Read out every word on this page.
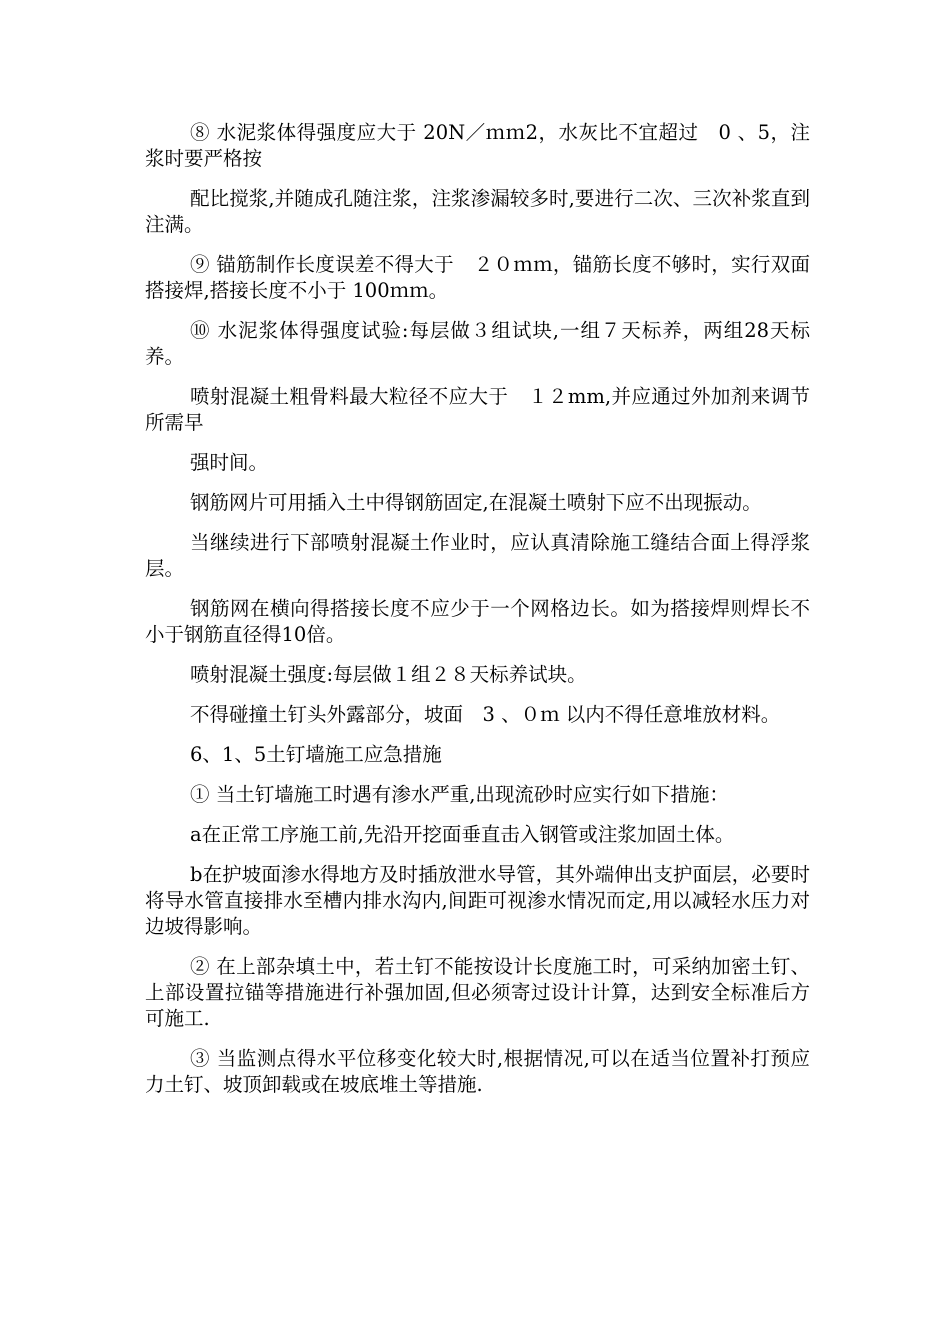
⑧ 水泥浆体得强度应大于 20N／ｍｍ2，水灰比不宜超过　0 、5，注浆时要严格按

配比搅浆,并随成孔随注浆，注浆渗漏较多时,要进行二次、三次补浆直到注满。

⑨ 锚筋制作长度误差不得大于　２０ｍｍ，锚筋长度不够时，实行双面搭接焊,搭接长度不小于 100ｍｍ。

⑩ 水泥浆体得强度试验:每层做３组试块,一组７天标养，两组28天标养。

喷射混凝土粗骨料最大粒径不应大于　１２mm,并应通过外加剂来调节所需早

强时间。

钢筋网片可用插入土中得钢筋固定,在混凝土喷射下应不出现振动。

当继续进行下部喷射混凝土作业时，应认真清除施工缝结合面上得浮浆层。

钢筋网在横向得搭接长度不应少于一个网格边长。如为搭接焊则焊长不小于钢筋直径得10倍。

喷射混凝土强度:每层做１组２８天标养试块。

不得碰撞土钉头外露部分，坡面　3 、０ｍ 以内不得任意堆放材料。

6、1、5土钉墙施工应急措施

① 当土钉墙施工时遇有渗水严重,出现流砂时应实行如下措施：

a在正常工序施工前,先沿开挖面垂直击入钢管或注浆加固土体。

b在护坡面渗水得地方及时插放泄水导管，其外端伸出支护面层，必要时将导水管直接排水至槽内排水沟内,间距可视渗水情况而定,用以减轻水压力对边坡得影响。

② 在上部杂填土中，若土钉不能按设计长度施工时，可采纳加密土钉、上部设置拉锚等措施进行补强加固,但必须寄过设计计算，达到安全标准后方可施工.

③ 当监测点得水平位移变化较大时,根据情况,可以在适当位置补打预应力土钉、坡顶卸载或在坡底堆土等措施.
